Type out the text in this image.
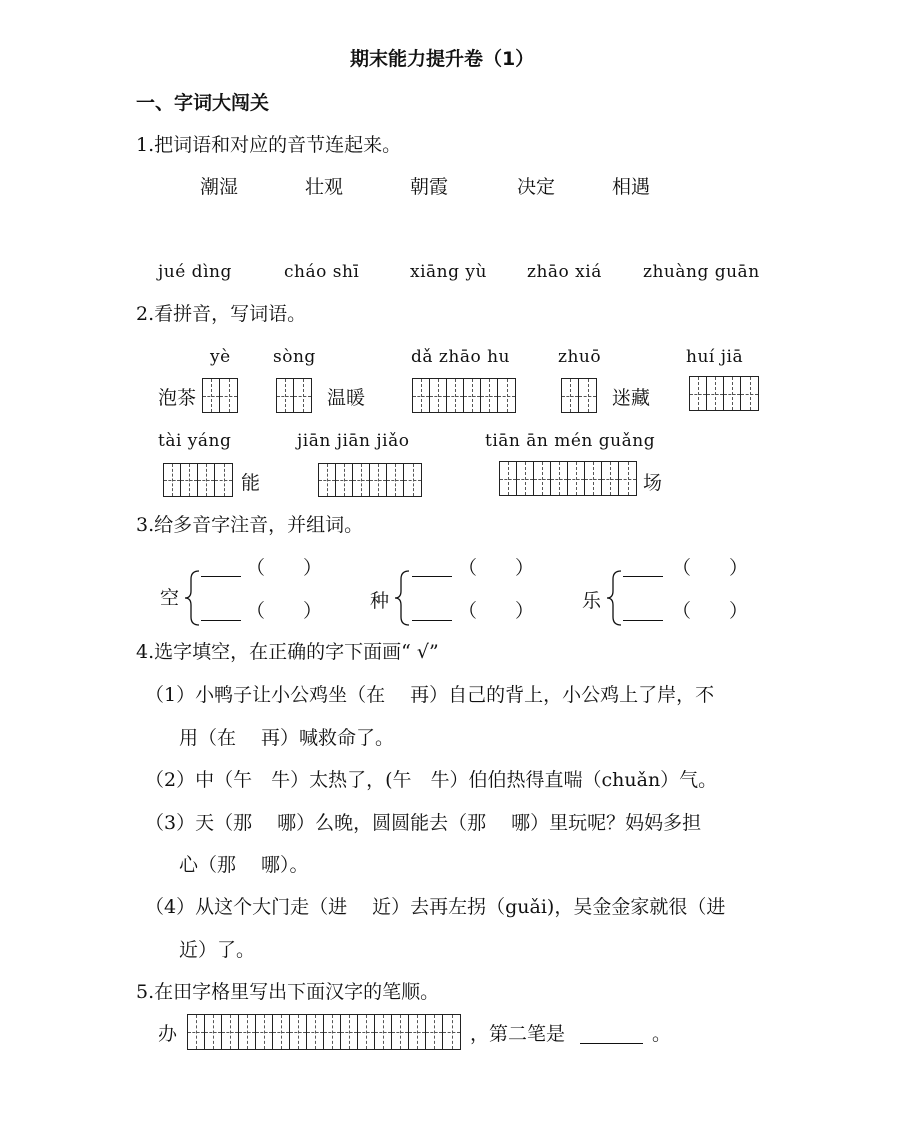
期末能力提升卷（1）
一、字词大闯关
1.把词语和对应的音节连起来。
潮湿	壮观	朝霞	决定	相遇
jué dìng	cháo shī	xiāng yù zhāo xiá zhuàng guān
2.看拼音，写词语。
yè sòng	dǎ zhāo hu	zhuō	huí jiā
泡茶	温暖	迷藏
tài yáng	jiān jiān jiǎo	tiān ān mén guǎng
能	场
3.给多音字注音，并组词。
空
（　　）
（　　）	种
（　　）
（　　）	乐
（　　）
（　　）
4.选字填空，在正确的字下面画“ √”
（1）小鸭子让小公鸡坐（在　 再）自己的背上，小公鸡上了岸，不
用（在　 再）喊救命了。
（2）中（午　牛）太热了，(午　牛）伯伯热得直喘（chuǎn）气。
（3）天（那　 哪）么晚，圆圆能去（那　 哪）里玩呢？妈妈多担
心（那　 哪）。
（4）从这个大门走（进　 近）去再左拐（guǎi)，吴金金家就很（进
近）了。
5.在田字格里写出下面汉字的笔顺。
办	，第二笔是	。
